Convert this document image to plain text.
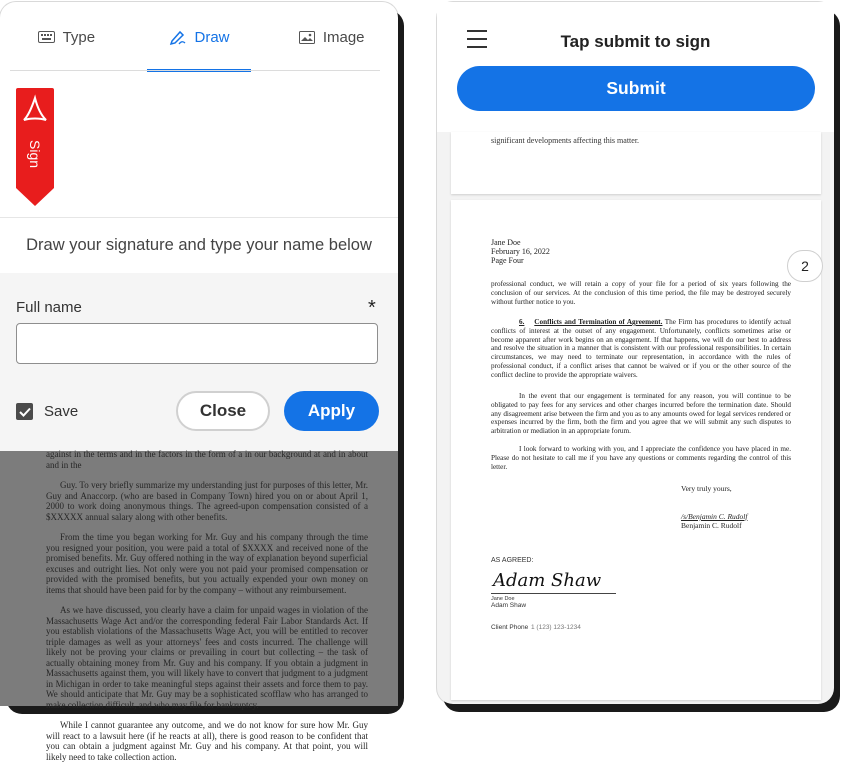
Type	Draw	Image
Sign
Draw your signature and type your name below
Full name	*
Save	Close	Apply

against in the terms and in the factors in the form of a in our background at and in about and in the

Guy. To very briefly summarize my understanding just for purposes of this letter, Mr. Guy and Anaccorp. (who are based in Company Town) hired you on or about April 1, 2000 to work doing anonymous things. The agreed-upon compensation consisted of a $XXXXX annual salary along with other benefits.

From the time you began working for Mr. Guy and his company through the time you resigned your position, you were paid a total of $XXXX and received none of the promised benefits. Mr. Guy offered nothing in the way of explanation beyond superficial excuses and outright lies. Not only were you not paid your promised compensation or provided with the promised benefits, but you actually expended your own money on items that should have been paid for by the company – without any reimbursement.

As we have discussed, you clearly have a claim for unpaid wages in violation of the Massachusetts Wage Act and/or the corresponding federal Fair Labor Standards Act. If you establish violations of the Massachusetts Wage Act, you will be entitled to recover triple damages as well as your attorneys' fees and costs incurred. The challenge will likely not be proving your claims or prevailing in court but collecting – the task of actually obtaining money from Mr. Guy and his company. If you obtain a judgment in Massachusetts against them, you will likely have to convert that judgment to a judgment in Michigan in order to take meaningful steps against their assets and force them to pay. We should anticipate that Mr. Guy may be a sophisticated scofflaw who has arranged to make collection difficult, and who may file for bankruptcy.

While I cannot guarantee any outcome, and we do not know for sure how Mr. Guy will react to a lawsuit here (if he reacts at all), there is good reason to be confident that you can obtain a judgment against Mr. Guy and his company. At that point, you will likely need to take collection action.

Tap submit to sign
Submit
significant developments affecting this matter.
Jane Doe
February 16, 2022
Page Four
professional conduct, we will retain a copy of your file for a period of six years following the conclusion of our services. At the conclusion of this time period, the file may be destroyed securely without further notice to you.
6. Conflicts and Termination of Agreement. The Firm has procedures to identify actual conflicts of interest at the outset of any engagement. Unfortunately, conflicts sometimes arise or become apparent after work begins on an engagement. If that happens, we will do our best to address and resolve the situation in a manner that is consistent with our professional responsibilities. In certain circumstances, we may need to terminate our representation, in accordance with the rules of professional conduct, if a conflict arises that cannot be waived or if you or the other source of the conflict decline to provide the appropriate waivers.
In the event that our engagement is terminated for any reason, you will continue to be obligated to pay fees for any services and other charges incurred before the termination date. Should any disagreement arise between the firm and you as to any amounts owed for legal services rendered or expenses incurred by the firm, both the firm and you agree that we will submit any such disputes to arbitration or mediation in an appropriate forum.
I look forward to working with you, and I appreciate the confidence you have placed in me. Please do not hesitate to call me if you have any questions or comments regarding the control of this letter.
Very truly yours,
/s/Benjamin C. Rudolf
Benjamin C. Rudolf
AS AGREED:
Adam Shaw
Jane Doe
Adam Shaw
Client Phone 1 (123) 123-1234
2
